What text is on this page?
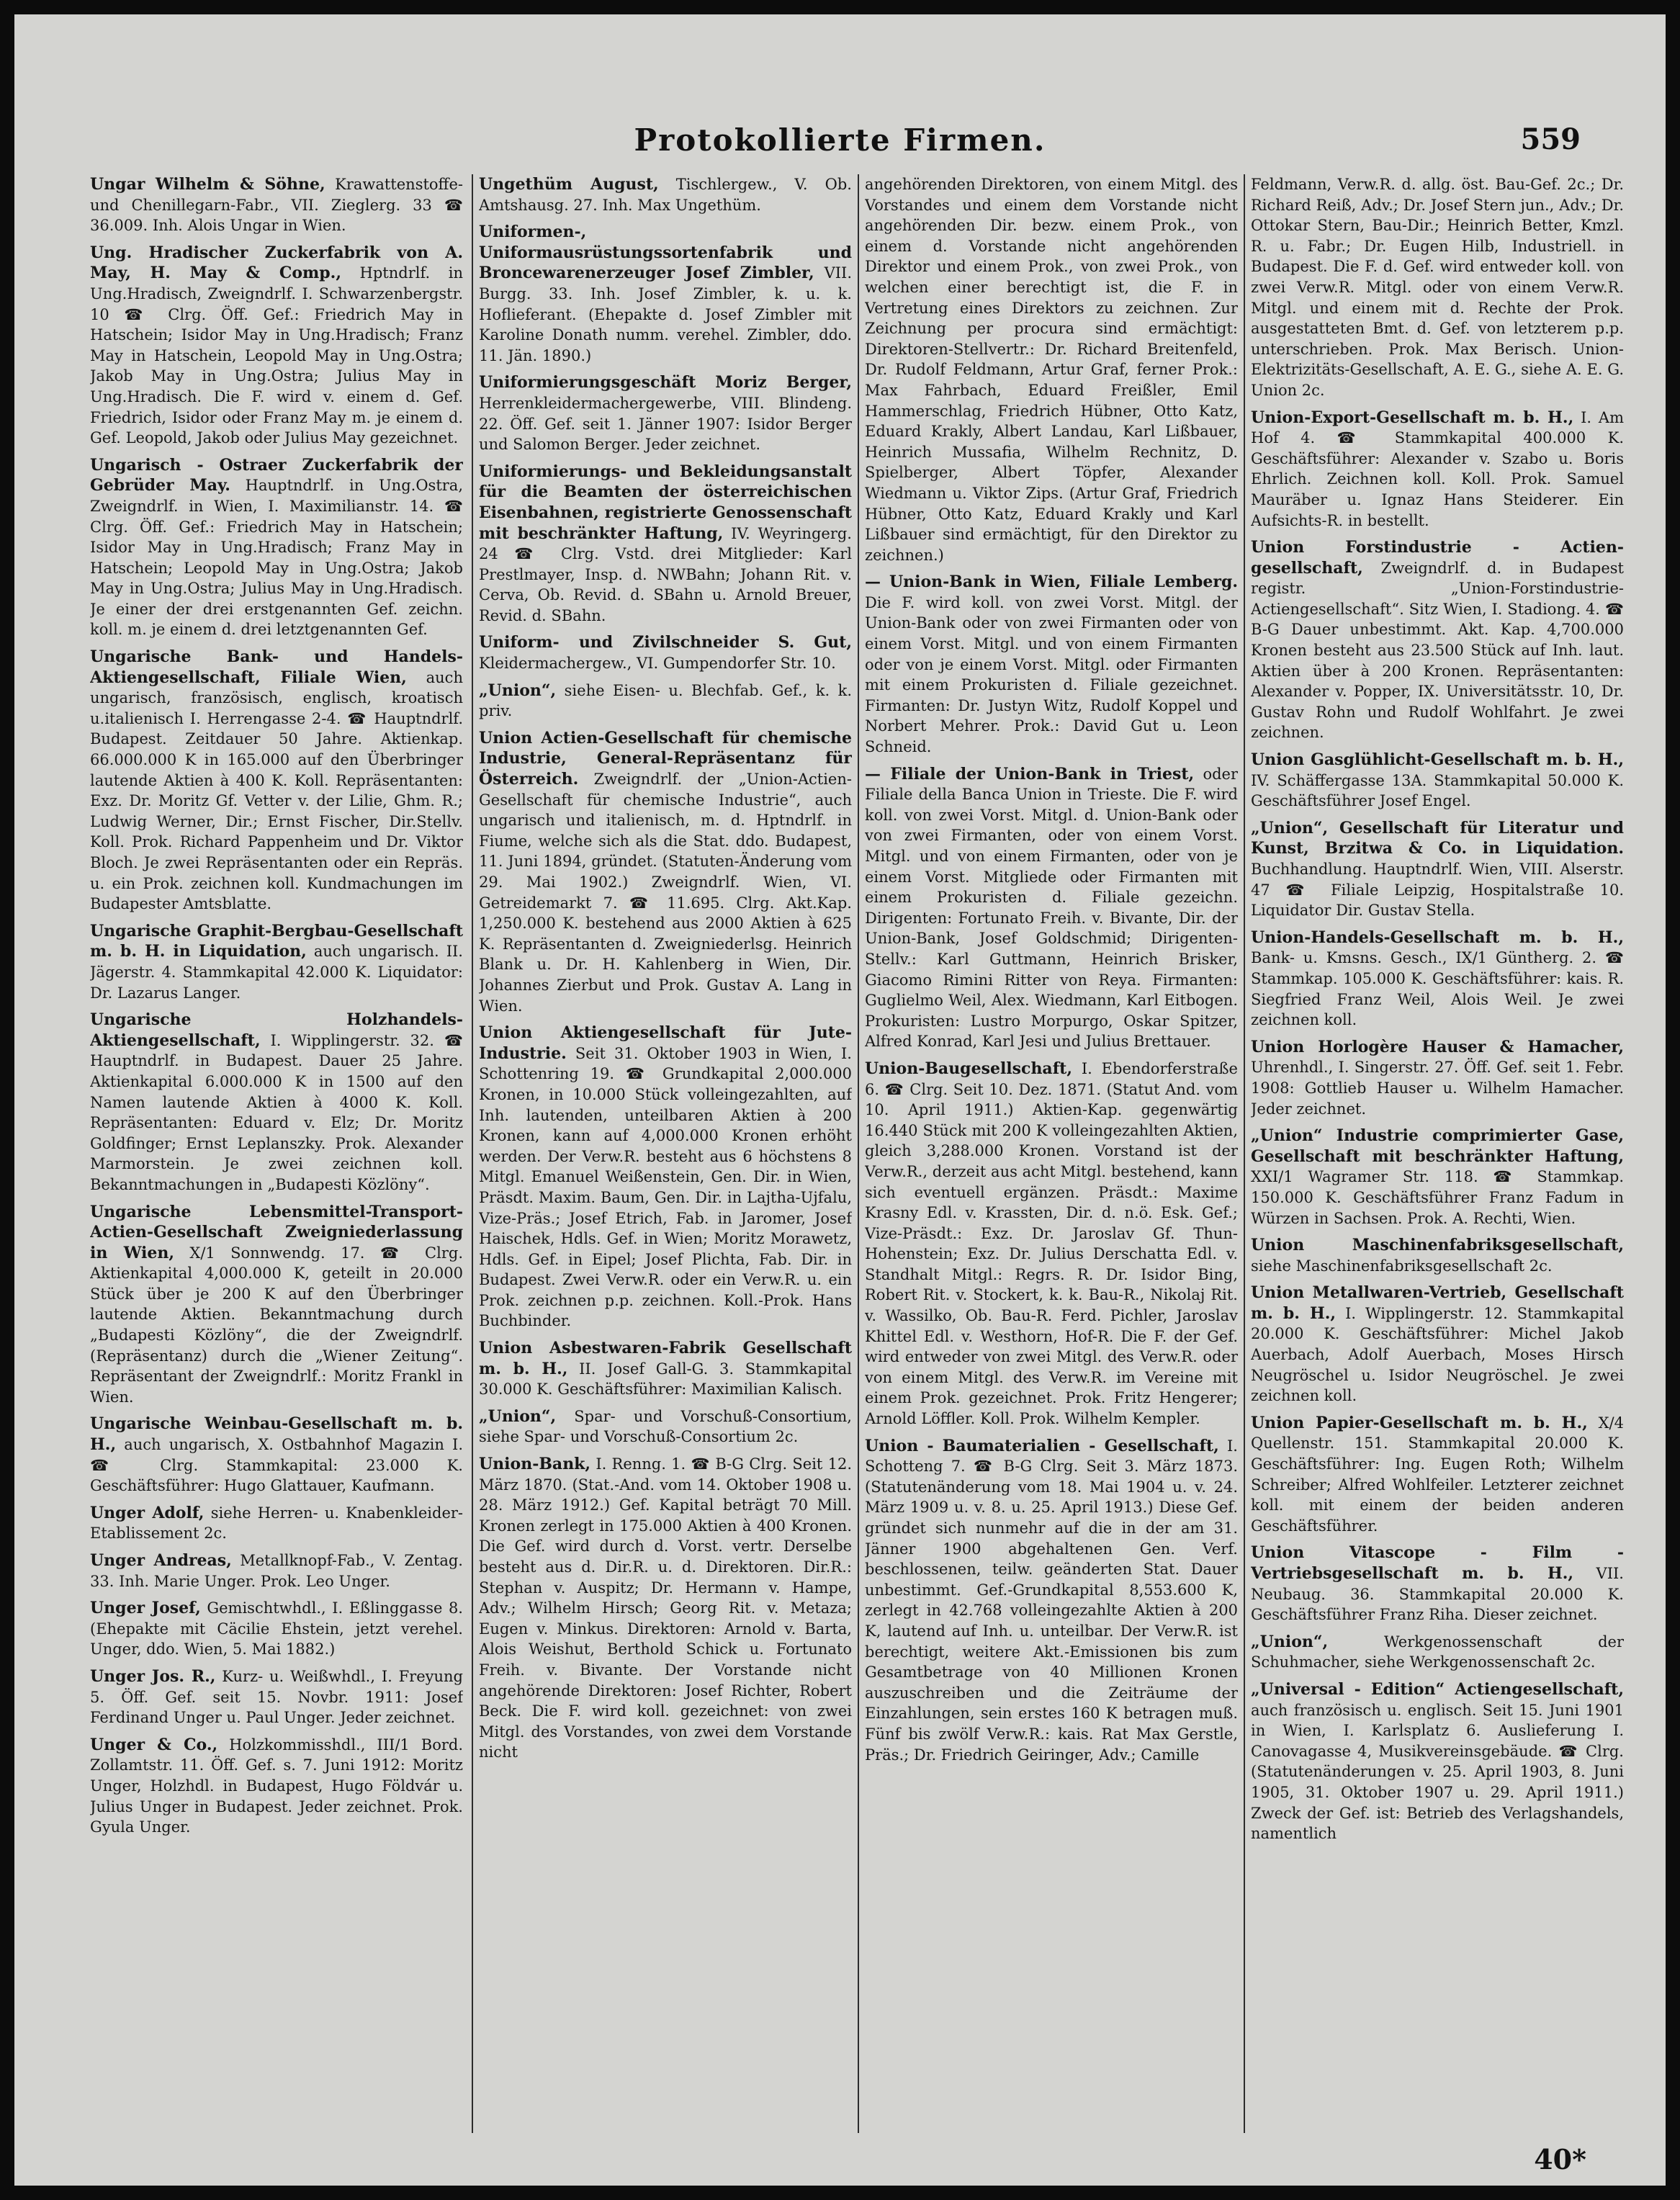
Protokollierte Firmen.	559

Ungar Wilhelm & Söhne, Krawattenstoffe- und Chenillegarn-Fabr., VII. Zieglerg. 33 ☎ 36.009. Inh. Alois Ungar in Wien.

Ung. Hradischer Zuckerfabrik von A. May, H. May & Comp., Hptndrlf. in Ung.Hradisch, Zweigndrlf. I. Schwarzenbergstr. 10 ☎ Clrg. Öff. Gef.: Friedrich May in Hatschein; Isidor May in Ung.Hradisch; Franz May in Hatschein, Leopold May in Ung.Ostra; Jakob May in Ung.Ostra; Julius May in Ung.Hradisch. Die F. wird v. einem d. Gef. Friedrich, Isidor oder Franz May m. je einem d. Gef. Leopold, Jakob oder Julius May gezeichnet.

Ungarisch - Ostraer Zuckerfabrik der Gebrüder May. Hauptndrlf. in Ung.Ostra, Zweigndrlf. in Wien, I. Maximilianstr. 14. ☎ Clrg. Öff. Gef.: Friedrich May in Hatschein; Isidor May in Ung.Hradisch; Franz May in Hatschein; Leopold May in Ung.Ostra; Jakob May in Ung.Ostra; Julius May in Ung.Hradisch. Je einer der drei erstgenannten Gef. zeichn. koll. m. je einem d. drei letztgenannten Gef.

Ungarische Bank- und Handels-Aktiengesellschaft, Filiale Wien, auch ungarisch, französisch, englisch, kroatisch u.italienisch I. Herrengasse 2-4. ☎ Hauptndrlf. Budapest. Zeitdauer 50 Jahre. Aktienkap. 66.000.000 K in 165.000 auf den Überbringer lautende Aktien à 400 K. Koll. Repräsentanten: Exz. Dr. Moritz Gf. Vetter v. der Lilie, Ghm. R.; Ludwig Werner, Dir.; Ernst Fischer, Dir.Stellv. Koll. Prok. Richard Pappenheim und Dr. Viktor Bloch. Je zwei Repräsentanten oder ein Repräs. u. ein Prok. zeichnen koll. Kundmachungen im Budapester Amtsblatte.

Ungarische Graphit-Bergbau-Gesellschaft m. b. H. in Liquidation, auch ungarisch. II. Jägerstr. 4. Stammkapital 42.000 K. Liquidator: Dr. Lazarus Langer.

Ungarische Holzhandels-Aktiengesellschaft, I. Wipplingerstr. 32. ☎ Hauptndrlf. in Budapest. Dauer 25 Jahre. Aktienkapital 6.000.000 K in 1500 auf den Namen lautende Aktien à 4000 K. Koll. Repräsentanten: Eduard v. Elz; Dr. Moritz Goldfinger; Ernst Leplanszky. Prok. Alexander Marmorstein. Je zwei zeichnen koll. Bekanntmachungen in „Budapesti Közlöny“.

Ungarische Lebensmittel-Transport-Actien-Gesellschaft Zweigniederlassung in Wien, X/1 Sonnwendg. 17. ☎ Clrg. Aktienkapital 4,000.000 K, geteilt in 20.000 Stück über je 200 K auf den Überbringer lautende Aktien. Bekanntmachung durch „Budapesti Közlöny“, die der Zweigndrlf. (Repräsentanz) durch die „Wiener Zeitung“. Repräsentant der Zweigndrlf.: Moritz Frankl in Wien.

Ungarische Weinbau-Gesellschaft m. b. H., auch ungarisch, X. Ostbahnhof Magazin I. ☎ Clrg. Stammkapital: 23.000 K. Geschäftsführer: Hugo Glattauer, Kaufmann.

Unger Adolf, siehe Herren- u. Knabenkleider-Etablissement 2c.

Unger Andreas, Metallknopf-Fab., V. Zentag. 33. Inh. Marie Unger. Prok. Leo Unger.

Unger Josef, Gemischtwhdl., I. Eßlinggasse 8. (Ehepakte mit Cäcilie Ehstein, jetzt verehel. Unger, ddo. Wien, 5. Mai 1882.)

Unger Jos. R., Kurz- u. Weißwhdl., I. Freyung 5. Öff. Gef. seit 15. Novbr. 1911: Josef Ferdinand Unger u. Paul Unger. Jeder zeichnet.

Unger & Co., Holzkommisshdl., III/1 Bord. Zollamtstr. 11. Öff. Gef. s. 7. Juni 1912: Moritz Unger, Holzhdl. in Budapest, Hugo Földvár u. Julius Unger in Budapest. Jeder zeichnet. Prok. Gyula Unger.

Ungethüm August, Tischlergew., V. Ob. Amtshausg. 27. Inh. Max Ungethüm.

Uniformen-, Uniformausrüstungssortenfabrik und Broncewarenerzeuger Josef Zimbler, VII. Burgg. 33. Inh. Josef Zimbler, k. u. k. Hoflieferant. (Ehepakte d. Josef Zimbler mit Karoline Donath numm. verehel. Zimbler, ddo. 11. Jän. 1890.)

Uniformierungsgeschäft Moriz Berger, Herrenkleidermachergewerbe, VIII. Blindeng. 22. Öff. Gef. seit 1. Jänner 1907: Isidor Berger und Salomon Berger. Jeder zeichnet.

Uniformierungs- und Bekleidungsanstalt für die Beamten der österreichischen Eisenbahnen, registrierte Genossenschaft mit beschränkter Haftung, IV. Weyringerg. 24 ☎ Clrg. Vstd. drei Mitglieder: Karl Prestlmayer, Insp. d. NWBahn; Johann Rit. v. Cerva, Ob. Revid. d. SBahn u. Arnold Breuer, Revid. d. SBahn.

Uniform- und Zivilschneider S. Gut, Kleidermachergew., VI. Gumpendorfer Str. 10.

„Union“, siehe Eisen- u. Blechfab. Gef., k. k. priv.

Union Actien-Gesellschaft für chemische Industrie, General-Repräsentanz für Österreich. Zweigndrlf. der „Union-Actien-Gesellschaft für chemische Industrie“, auch ungarisch und italienisch, m. d. Hptndrlf. in Fiume, welche sich als die Stat. ddo. Budapest, 11. Juni 1894, gründet. (Statuten-Änderung vom 29. Mai 1902.) Zweigndrlf. Wien, VI. Getreidemarkt 7. ☎ 11.695. Clrg. Akt.Kap. 1,250.000 K. bestehend aus 2000 Aktien à 625 K. Repräsentanten d. Zweigniederlsg. Heinrich Blank u. Dr. H. Kahlenberg in Wien, Dir. Johannes Zierbut und Prok. Gustav A. Lang in Wien.

Union Aktiengesellschaft für Jute-Industrie. Seit 31. Oktober 1903 in Wien, I. Schottenring 19. ☎ Grundkapital 2,000.000 Kronen, in 10.000 Stück volleingezahlten, auf Inh. lautenden, unteilbaren Aktien à 200 Kronen, kann auf 4,000.000 Kronen erhöht werden. Der Verw.R. besteht aus 6 höchstens 8 Mitgl. Emanuel Weißenstein, Gen. Dir. in Wien, Präsdt. Maxim. Baum, Gen. Dir. in Lajtha-Ujfalu, Vize-Präs.; Josef Etrich, Fab. in Jaromer, Josef Haischek, Hdls. Gef. in Wien; Moritz Morawetz, Hdls. Gef. in Eipel; Josef Plichta, Fab. Dir. in Budapest. Zwei Verw.R. oder ein Verw.R. u. ein Prok. zeichnen p.p. zeichnen. Koll.-Prok. Hans Buchbinder.

Union Asbestwaren-Fabrik Gesellschaft m. b. H., II. Josef Gall-G. 3. Stammkapital 30.000 K. Geschäftsführer: Maximilian Kalisch.

„Union“, Spar- und Vorschuß-Consortium, siehe Spar- und Vorschuß-Consortium 2c.

Union-Bank, I. Renng. 1. ☎ B-G Clrg. Seit 12. März 1870. (Stat.-And. vom 14. Oktober 1908 u. 28. März 1912.) Gef. Kapital beträgt 70 Mill. Kronen zerlegt in 175.000 Aktien à 400 Kronen. Die Gef. wird durch d. Vorst. vertr. Derselbe besteht aus d. Dir.R. u. d. Direktoren. Dir.R.: Stephan v. Auspitz; Dr. Hermann v. Hampe, Adv.; Wilhelm Hirsch; Georg Rit. v. Metaza; Eugen v. Minkus. Direktoren: Arnold v. Barta, Alois Weishut, Berthold Schick u. Fortunato Freih. v. Bivante. Der Vorstande nicht angehörende Direktoren: Josef Richter, Robert Beck. Die F. wird koll. gezeichnet: von zwei Mitgl. des Vorstandes, von zwei dem Vorstande nicht

angehörenden Direktoren, von einem Mitgl. des Vorstandes und einem dem Vorstande nicht angehörenden Dir. bezw. einem Prok., von einem d. Vorstande nicht angehörenden Direktor und einem Prok., von zwei Prok., von welchen einer berechtigt ist, die F. in Vertretung eines Direktors zu zeichnen. Zur Zeichnung per procura sind ermächtigt: Direktoren-Stellvertr.: Dr. Richard Breitenfeld, Dr. Rudolf Feldmann, Artur Graf, ferner Prok.: Max Fahrbach, Eduard Freißler, Emil Hammerschlag, Friedrich Hübner, Otto Katz, Eduard Krakly, Albert Landau, Karl Lißbauer, Heinrich Mussafia, Wilhelm Rechnitz, D. Spielberger, Albert Töpfer, Alexander Wiedmann u. Viktor Zips. (Artur Graf, Friedrich Hübner, Otto Katz, Eduard Krakly und Karl Lißbauer sind ermächtigt, für den Direktor zu zeichnen.)

— Union-Bank in Wien, Filiale Lemberg. Die F. wird koll. von zwei Vorst. Mitgl. der Union-Bank oder von zwei Firmanten oder von einem Vorst. Mitgl. und von einem Firmanten oder von je einem Vorst. Mitgl. oder Firmanten mit einem Prokuristen d. Filiale gezeichnet. Firmanten: Dr. Justyn Witz, Rudolf Koppel und Norbert Mehrer. Prok.: David Gut u. Leon Schneid.

— Filiale der Union-Bank in Triest, oder Filiale della Banca Union in Trieste. Die F. wird koll. von zwei Vorst. Mitgl. d. Union-Bank oder von zwei Firmanten, oder von einem Vorst. Mitgl. und von einem Firmanten, oder von je einem Vorst. Mitgliede oder Firmanten mit einem Prokuristen d. Filiale gezeichn. Dirigenten: Fortunato Freih. v. Bivante, Dir. der Union-Bank, Josef Goldschmid; Dirigenten-Stellv.: Karl Guttmann, Heinrich Brisker, Giacomo Rimini Ritter von Reya. Firmanten: Guglielmo Weil, Alex. Wiedmann, Karl Eitbogen. Prokuristen: Lustro Morpurgo, Oskar Spitzer, Alfred Konrad, Karl Jesi und Julius Brettauer.

Union-Baugesellschaft, I. Ebendorferstraße 6. ☎ Clrg. Seit 10. Dez. 1871. (Statut And. vom 10. April 1911.) Aktien-Kap. gegenwärtig 16.440 Stück mit 200 K volleingezahlten Aktien, gleich 3,288.000 Kronen. Vorstand ist der Verw.R., derzeit aus acht Mitgl. bestehend, kann sich eventuell ergänzen. Präsdt.: Maxime Krasny Edl. v. Krassten, Dir. d. n.ö. Esk. Gef.; Vize-Präsdt.: Exz. Dr. Jaroslav Gf. Thun-Hohenstein; Exz. Dr. Julius Derschatta Edl. v. Standhalt Mitgl.: Regrs. R. Dr. Isidor Bing, Robert Rit. v. Stockert, k. k. Bau-R., Nikolaj Rit. v. Wassilko, Ob. Bau-R. Ferd. Pichler, Jaroslav Khittel Edl. v. Westhorn, Hof-R. Die F. der Gef. wird entweder von zwei Mitgl. des Verw.R. oder von einem Mitgl. des Verw.R. im Vereine mit einem Prok. gezeichnet. Prok. Fritz Hengerer; Arnold Löffler. Koll. Prok. Wilhelm Kempler.

Union - Baumaterialien - Gesellschaft, I. Schotteng 7. ☎ B-G Clrg. Seit 3. März 1873. (Statutenänderung vom 18. Mai 1904 u. v. 24. März 1909 u. v. 8. u. 25. April 1913.) Diese Gef. gründet sich nunmehr auf die in der am 31. Jänner 1900 abgehaltenen Gen. Verf. beschlossenen, teilw. geänderten Stat. Dauer unbestimmt. Gef.-Grundkapital 8,553.600 K, zerlegt in 42.768 volleingezahlte Aktien à 200 K, lautend auf Inh. u. unteilbar. Der Verw.R. ist berechtigt, weitere Akt.-Emissionen bis zum Gesamtbetrage von 40 Millionen Kronen auszuschreiben und die Zeiträume der Einzahlungen, sein erstes 160 K betragen muß. Fünf bis zwölf Verw.R.: kais. Rat Max Gerstle, Präs.; Dr. Friedrich Geiringer, Adv.; Camille

Feldmann, Verw.R. d. allg. öst. Bau-Gef. 2c.; Dr. Richard Reiß, Adv.; Dr. Josef Stern jun., Adv.; Dr. Ottokar Stern, Bau-Dir.; Heinrich Better, Kmzl. R. u. Fabr.; Dr. Eugen Hilb, Industriell. in Budapest. Die F. d. Gef. wird entweder koll. von zwei Verw.R. Mitgl. oder von einem Verw.R. Mitgl. und einem mit d. Rechte der Prok. ausgestatteten Bmt. d. Gef. von letzterem p.p. unterschrieben. Prok. Max Berisch. Union-Elektrizitäts-Gesellschaft, A. E. G., siehe A. E. G. Union 2c.

Union-Export-Gesellschaft m. b. H., I. Am Hof 4. ☎ Stammkapital 400.000 K. Geschäftsführer: Alexander v. Szabo u. Boris Ehrlich. Zeichnen koll. Koll. Prok. Samuel Mauräber u. Ignaz Hans Steiderer. Ein Aufsichts-R. in bestellt.

Union Forstindustrie - Actien-gesellschaft, Zweigndrlf. d. in Budapest registr. „Union-Forstindustrie-Actiengesellschaft“. Sitz Wien, I. Stadiong. 4. ☎ B-G Dauer unbestimmt. Akt. Kap. 4,700.000 Kronen besteht aus 23.500 Stück auf Inh. laut. Aktien über à 200 Kronen. Repräsentanten: Alexander v. Popper, IX. Universitätsstr. 10, Dr. Gustav Rohn und Rudolf Wohlfahrt. Je zwei zeichnen.

Union Gasglühlicht-Gesellschaft m. b. H., IV. Schäffergasse 13A. Stammkapital 50.000 K. Geschäftsführer Josef Engel.

„Union“, Gesellschaft für Literatur und Kunst, Brzitwa & Co. in Liquidation. Buchhandlung. Hauptndrlf. Wien, VIII. Alserstr. 47 ☎ Filiale Leipzig, Hospitalstraße 10. Liquidator Dir. Gustav Stella.

Union-Handels-Gesellschaft m. b. H., Bank- u. Kmsns. Gesch., IX/1 Güntherg. 2. ☎ Stammkap. 105.000 K. Geschäftsführer: kais. R. Siegfried Franz Weil, Alois Weil. Je zwei zeichnen koll.

Union Horlogère Hauser & Hamacher, Uhrenhdl., I. Singerstr. 27. Öff. Gef. seit 1. Febr. 1908: Gottlieb Hauser u. Wilhelm Hamacher. Jeder zeichnet.

„Union“ Industrie comprimierter Gase, Gesellschaft mit beschränkter Haftung, XXI/1 Wagramer Str. 118. ☎ Stammkap. 150.000 K. Geschäftsführer Franz Fadum in Würzen in Sachsen. Prok. A. Rechti, Wien.

Union Maschinenfabriksgesellschaft, siehe Maschinenfabriksgesellschaft 2c.

Union Metallwaren-Vertrieb, Gesellschaft m. b. H., I. Wipplingerstr. 12. Stammkapital 20.000 K. Geschäftsführer: Michel Jakob Auerbach, Adolf Auerbach, Moses Hirsch Neugröschel u. Isidor Neugröschel. Je zwei zeichnen koll.

Union Papier-Gesellschaft m. b. H., X/4 Quellenstr. 151. Stammkapital 20.000 K. Geschäftsführer: Ing. Eugen Roth; Wilhelm Schreiber; Alfred Wohlfeiler. Letzterer zeichnet koll. mit einem der beiden anderen Geschäftsführer.

Union Vitascope - Film - Vertriebsgesellschaft m. b. H., VII. Neubaug. 36. Stammkapital 20.000 K. Geschäftsführer Franz Riha. Dieser zeichnet.

„Union“,	Werkgenossenschaft der Schuhmacher, siehe Werkgenossenschaft 2c.

„Universal - Edition“ Actiengesellschaft, auch französisch u. englisch. Seit 15. Juni 1901 in Wien, I. Karlsplatz 6. Auslieferung I. Canovagasse 4, Musikvereinsgebäude. ☎ Clrg. (Statutenänderungen v. 25. April 1903, 8. Juni 1905, 31. Oktober 1907 u. 29. April 1911.) Zweck der Gef. ist: Betrieb des Verlagshandels, namentlich

40*
